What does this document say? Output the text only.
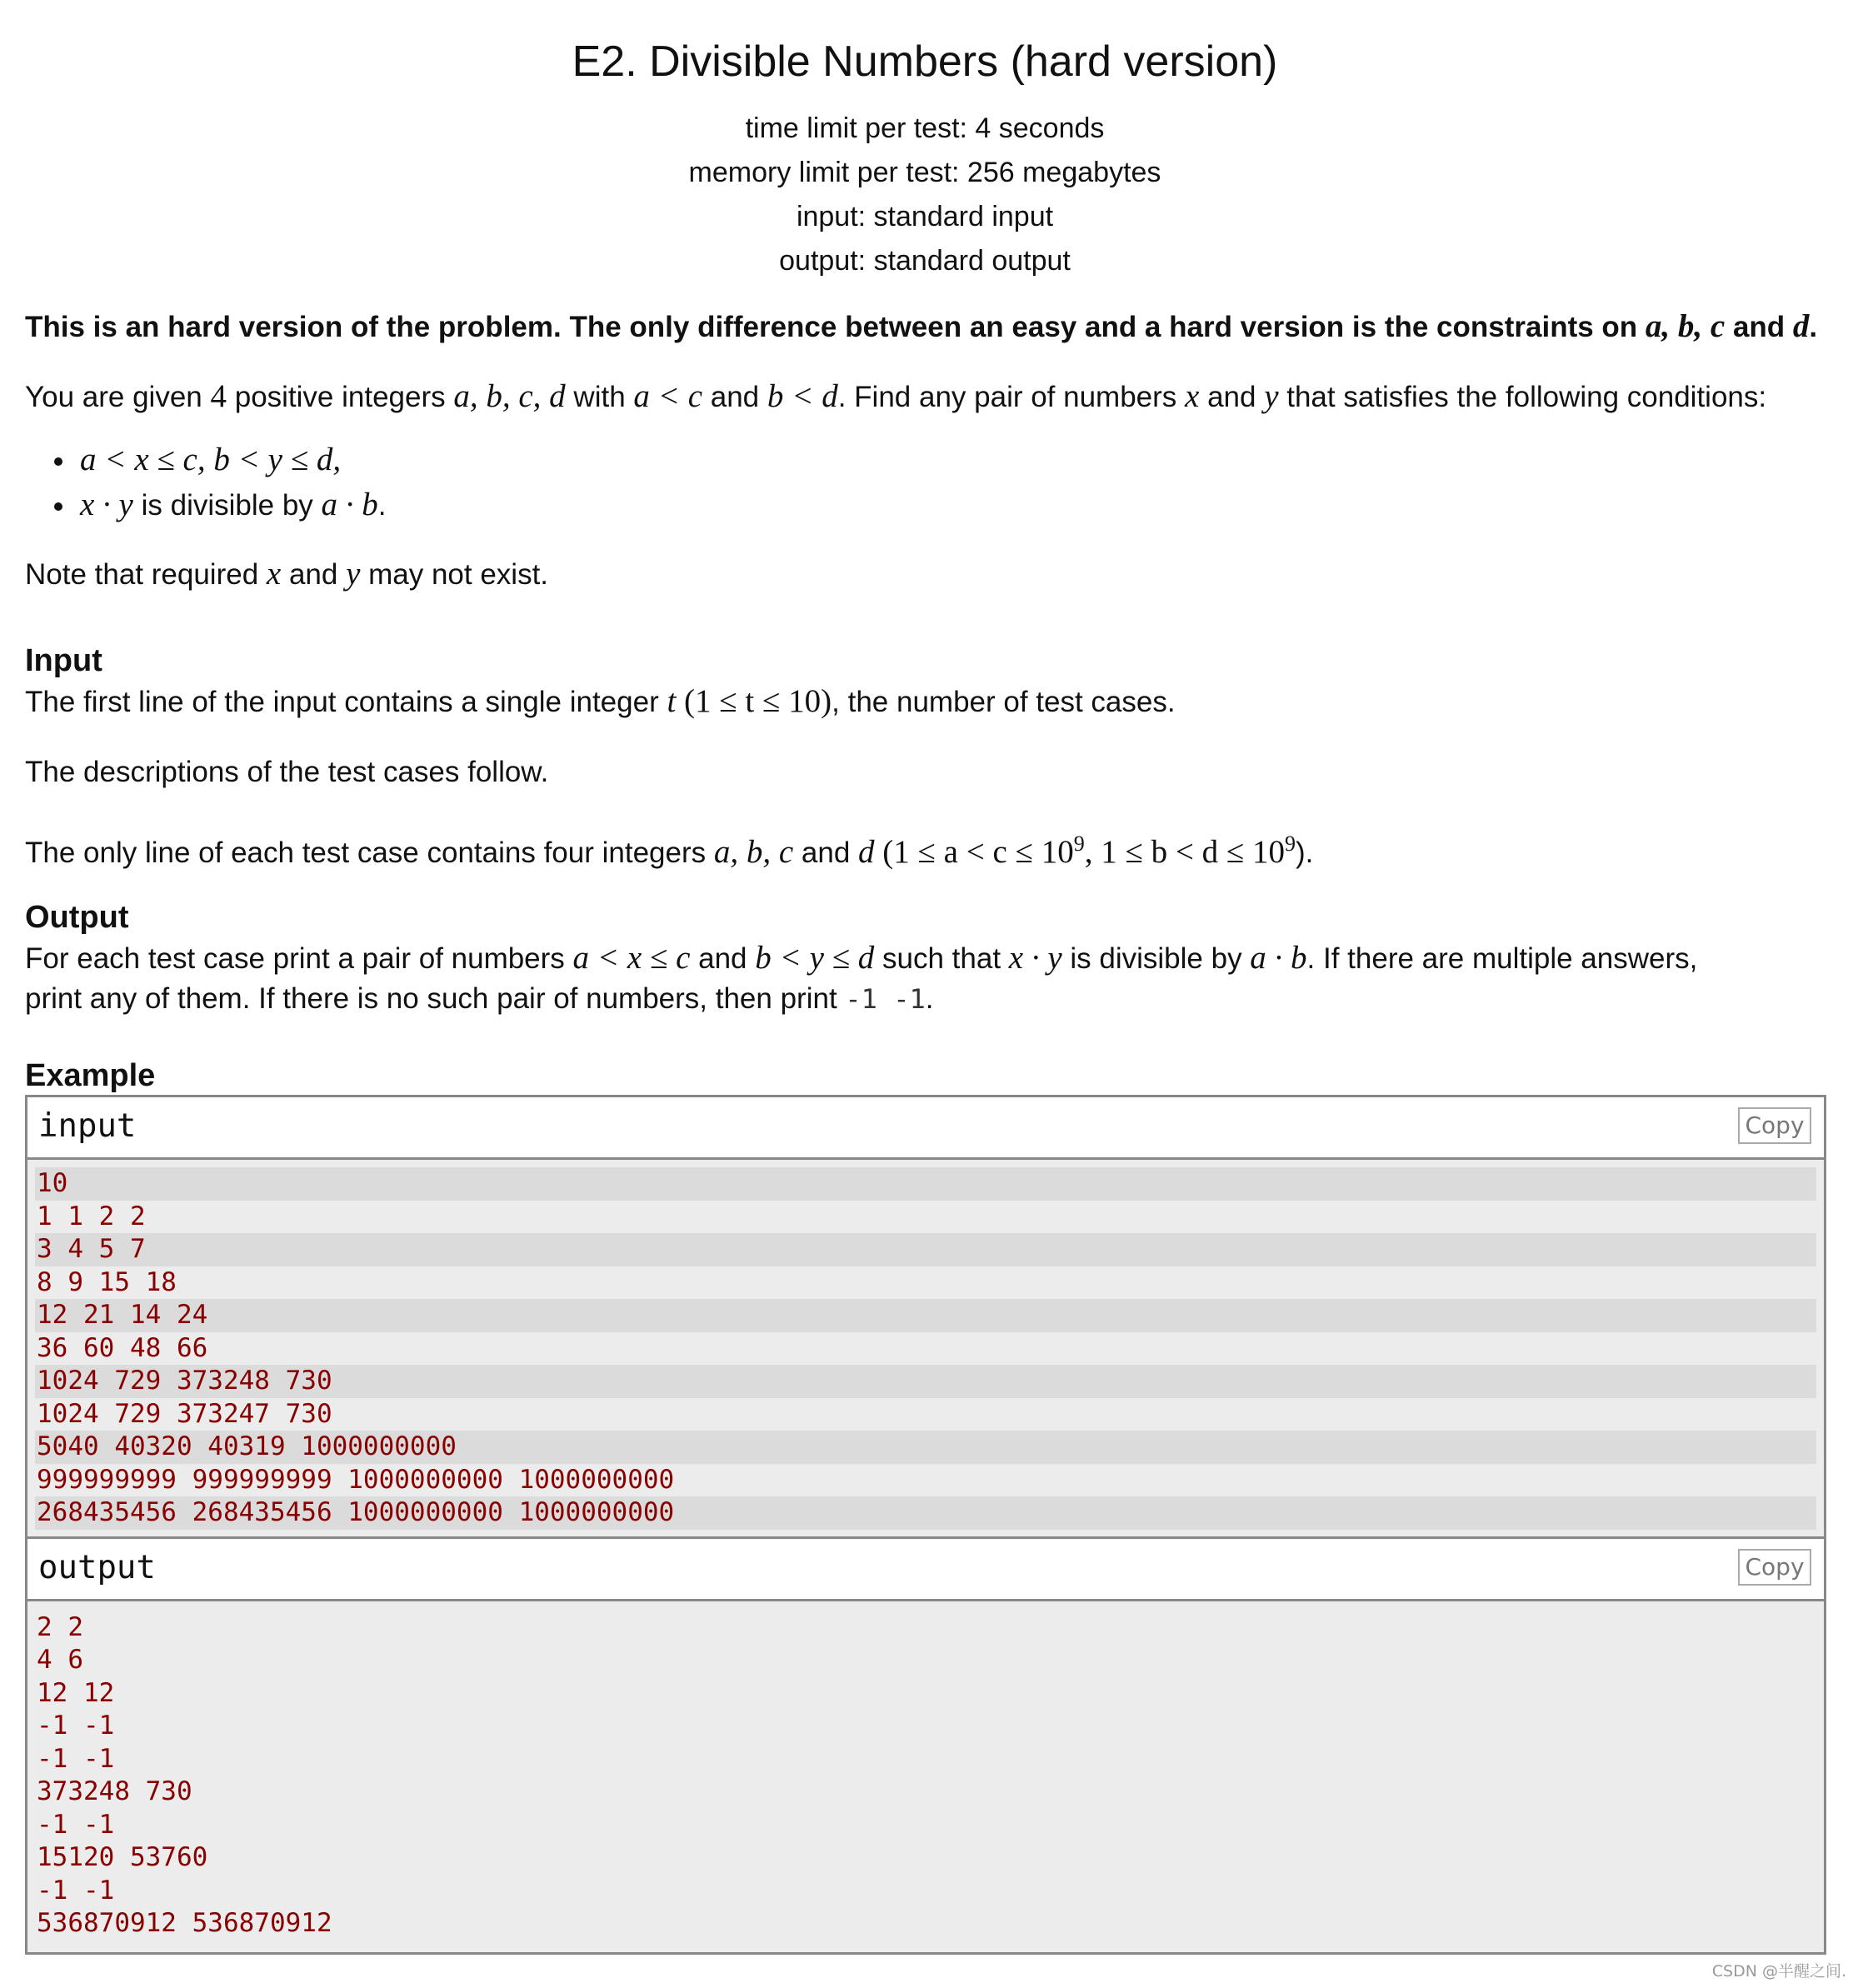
E2. Divisible Numbers (hard version)
time limit per test: 4 seconds
memory limit per test: 256 megabytes
input: standard input
output: standard output

This is an hard version of the problem. The only difference between an easy and a hard version is the constraints on a, b, c and d.

You are given 4 positive integers a, b, c, d with a < c and b < d. Find any pair of numbers x and y that satisfies the following conditions:

• a < x ≤ c, b < y ≤ d,
• x · y is divisible by a · b.

Note that required x and y may not exist.

Input

The first line of the input contains a single integer t (1 ≤ t ≤ 10), the number of test cases.

The descriptions of the test cases follow.

The only line of each test case contains four integers a, b, c and d ($1 \le a < c \le 10^9$, $1 \le b < d \le 10^9$).

Output

For each test case print a pair of numbers a < x ≤ c and b < y ≤ d such that x · y is divisible by a · b. If there are multiple answers,

print any of them. If there is no such pair of numbers, then print -1 -1.

Example
input	Copy
10
1 1 2 2
3 4 5 7
8 9 15 18
12 21 14 24
36 60 48 66
1024 729 373248 730
1024 729 373247 730
5040 40320 40319 1000000000
999999999 999999999 1000000000 1000000000
268435456 268435456 1000000000 1000000000
output	Copy
2 2
4 6
12 12
-1 -1
-1 -1
373248 730
-1 -1
15120 53760
-1 -1
536870912 536870912
CSDN @半醒之间.
